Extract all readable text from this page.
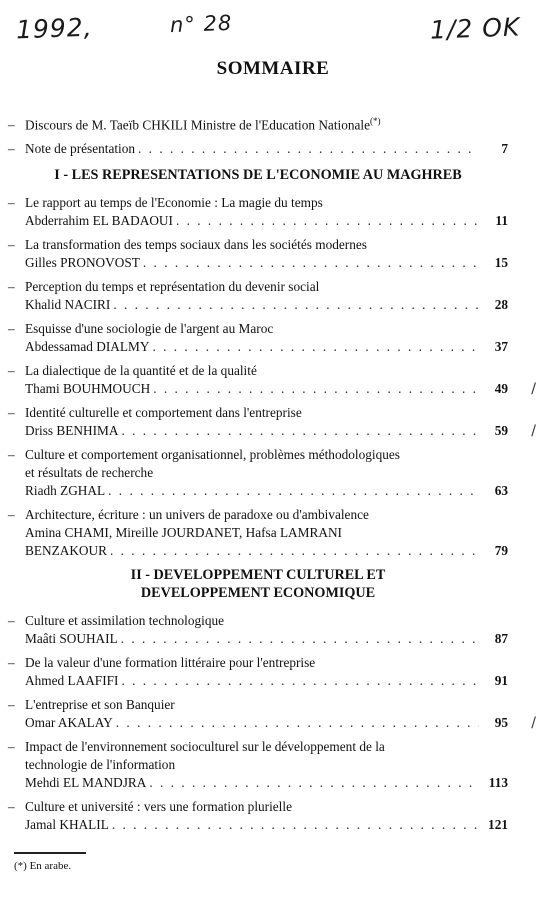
1992,	n° 28	1/2 OK
SOMMAIRE
– Discours de M. Taeïb CHKILI Ministre de l'Education Nationale(*)
– Note de présentation . . .	7
I - LES REPRESENTATIONS DE L'ECONOMIE AU MAGHREB
– Le rapport au temps de l'Economie : La magie du temps
Abderrahim EL BADAOUI . . .	11
– La transformation des temps sociaux dans les sociétés modernes
Gilles PRONOVOST . . .	15
– Perception du temps et représentation du devenir social
Khalid NACIRI . . .	28
– Esquisse d'une sociologie de l'argent au Maroc
Abdessamad DIALMY . . .	37
– La dialectique de la quantité et de la qualité
Thami BOUHMOUCH . . .	49 /
– Identité culturelle et comportement dans l'entreprise
Driss BENHIMA . . .	59 /
– Culture et comportement organisationnel, problèmes méthodologiques
et résultats de recherche
Riadh ZGHAL . . .	63
– Architecture, écriture : un univers de paradoxe ou d'ambivalence
Amina CHAMI, Mireille JOURDANET, Hafsa LAMRANI
BENZAKOUR . . .	79
II - DEVELOPPEMENT CULTUREL ET
DEVELOPPEMENT ECONOMIQUE
– Culture et assimilation technologique
Maâti SOUHAIL . . .	87
– De la valeur d'une formation littéraire pour l'entreprise
Ahmed LAAFIFI . . .	91
– L'entreprise et son Banquier
Omar AKALAY . . .	95 /
– Impact de l'environnement socioculturel sur le développement de la
technologie de l'information
Mehdi EL MANDJRA . . .	113
– Culture et université : vers une formation plurielle
Jamal KHALIL . . .	121
(*) En arabe.
